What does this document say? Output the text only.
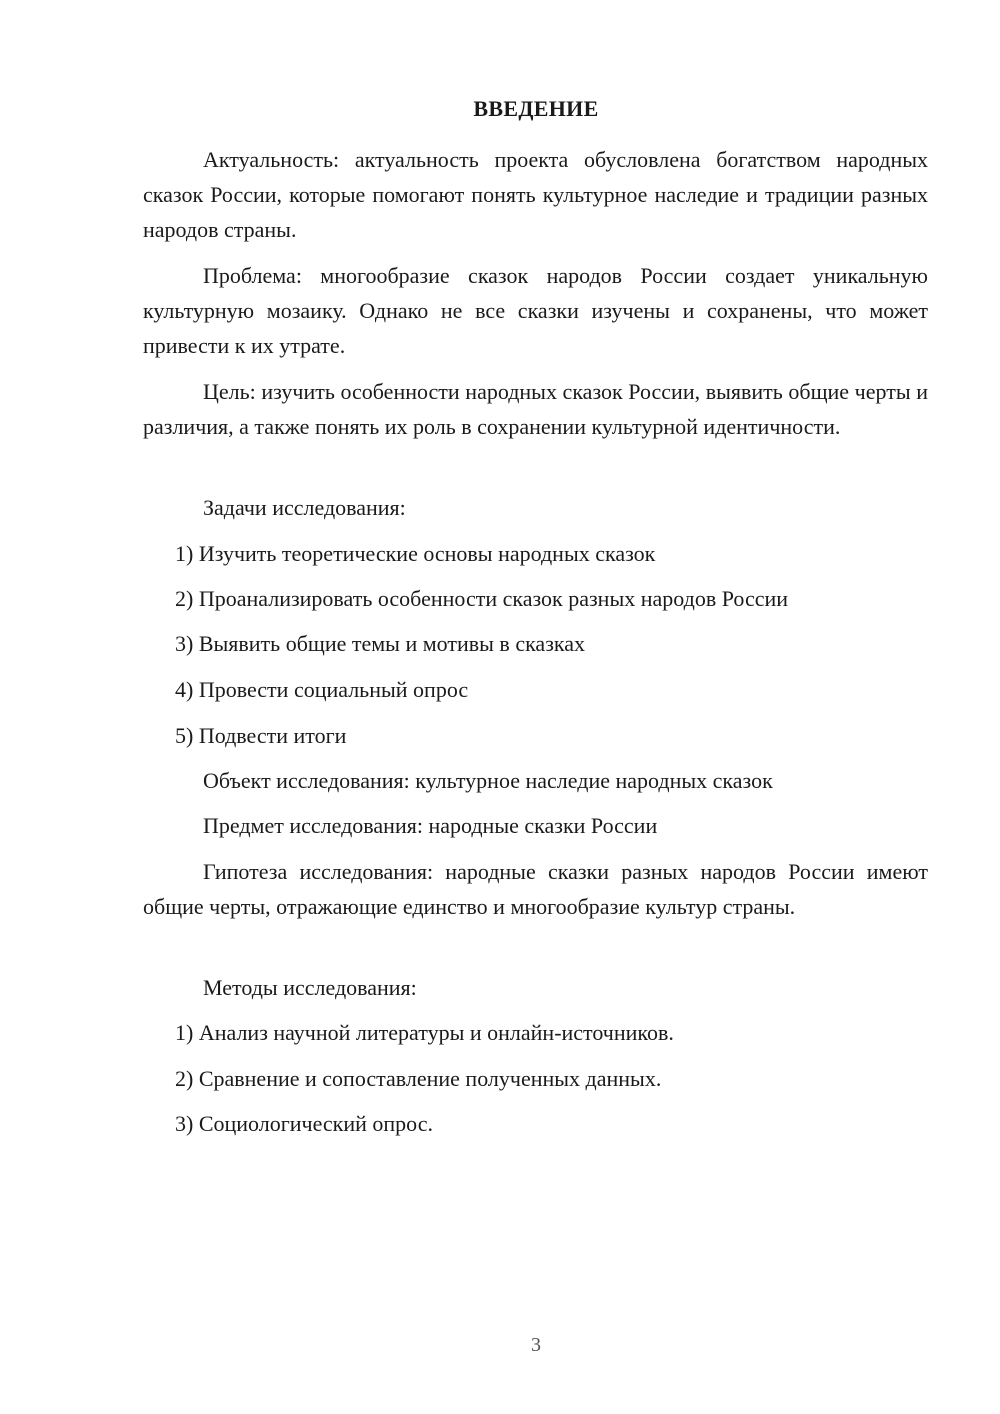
ВВЕДЕНИЕ
Актуальность: актуальность проекта обусловлена богатством народных сказок России, которые помогают понять культурное наследие и традиции разных народов страны.
Проблема: многообразие сказок народов России создает уникальную культурную мозаику. Однако не все сказки изучены и сохранены, что может привести к их утрате.
Цель: изучить особенности народных сказок России, выявить общие черты и различия, а также понять их роль в сохранении культурной идентичности.
Задачи исследования:
1) Изучить теоретические основы народных сказок
2) Проанализировать особенности сказок разных народов России
3) Выявить общие темы и мотивы в сказках
4) Провести социальный опрос
5) Подвести итоги
Объект исследования: культурное наследие народных сказок
Предмет исследования: народные сказки России
Гипотеза исследования: народные сказки разных народов России имеют общие черты, отражающие единство и многообразие культур страны.
Методы исследования:
1) Анализ научной литературы и онлайн-источников.
2) Сравнение и сопоставление полученных данных.
3) Социологический опрос.
3
